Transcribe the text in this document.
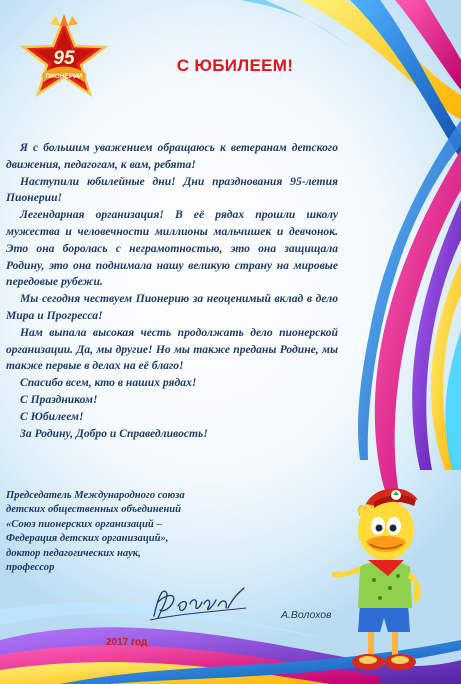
95
ПИОНЕРИИ
С ЮБИЛЕЕМ!

Я с большим уважением обращаюсь к ветеранам детского движения, педагогам, к вам, ребята!

Наступили юбилейные дни! Дни празднования 95-летия Пионерии!

Легендарная организация! В её рядах прошли школу мужества и человечности миллионы мальчишек и девчонок. Это она боролась с неграмотностью, это она защищала Родину, это она поднимала нашу великую страну на мировые передовые рубежи.

Мы сегодня чествуем Пионерию за неоценимый вклад в дело Мира и Прогресса!

Нам выпала высокая честь продолжать дело пионерской организации. Да, мы другие! Но мы также преданы Родине, мы также первые в делах на её благо!

Спасибо всем, кто в наших рядах!

С Праздником!

С Юбилеем!

За Родину, Добро и Справедливость!

Председатель Международного союза
детских общественных объединений
«Союз пионерских организаций –
Федерация детских организаций»,
доктор педагогических наук,
профессор
А.Волохов
2017 год
